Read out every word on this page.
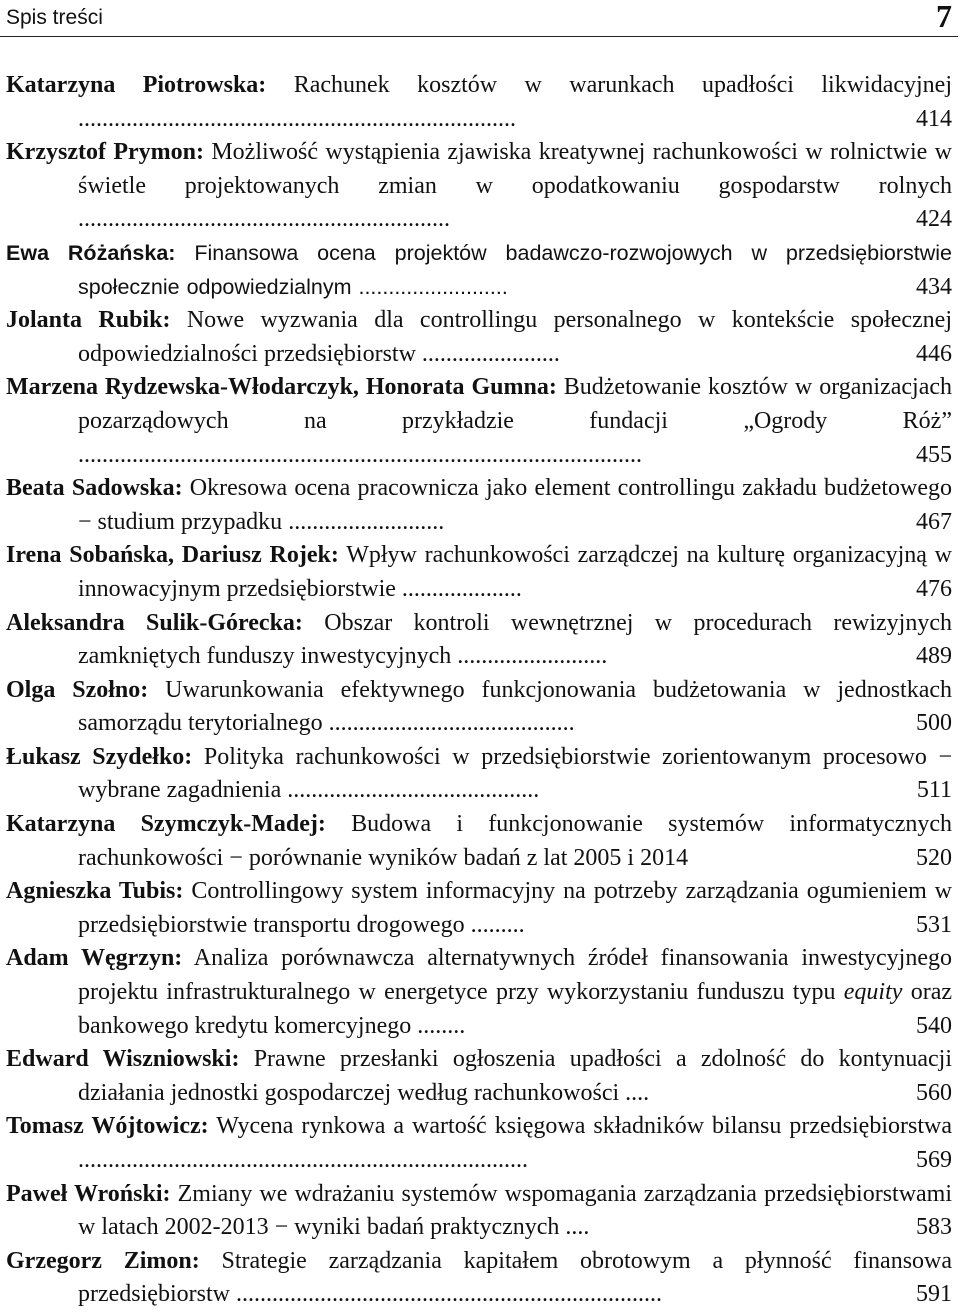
Spis treści	7
Katarzyna Piotrowska: Rachunek kosztów w warunkach upadłości likwidacyjnej .........................................................................	414
Krzysztof Prymon: Możliwość wystąpienia zjawiska kreatywnej rachunkowości w rolnictwie w świetle projektowanych zmian w opodatkowaniu gospodarstw rolnych ..............................................................	424
Ewa Różańska: Finansowa ocena projektów badawczo-rozwojowych w przedsiębiorstwie społecznie odpowiedzialnym .........................	434
Jolanta Rubik: Nowe wyzwania dla controllingu personalnego w kontekście społecznej odpowiedzialności przedsiębiorstw .......................	446
Marzena Rydzewska-Włodarczyk, Honorata Gumna: Budżetowanie kosztów w organizacjach pozarządowych na przykładzie fundacji „Ogrody Róż” ..............................................................................................	455
Beata Sadowska: Okresowa ocena pracownicza jako element controllingu zakładu budżetowego − studium przypadku ..........................	467
Irena Sobańska, Dariusz Rojek: Wpływ rachunkowości zarządczej na kulturę organizacyjną w innowacyjnym przedsiębiorstwie ....................	476
Aleksandra Sulik-Górecka: Obszar kontroli wewnętrznej w procedurach rewizyjnych zamkniętych funduszy inwestycyjnych .........................	489
Olga Szołno: Uwarunkowania efektywnego funkcjonowania budżetowania w jednostkach samorządu terytorialnego .........................................	500
Łukasz Szydełko: Polityka rachunkowości w przedsiębiorstwie zorientowanym procesowo − wybrane zagadnienia ..........................................	511
Katarzyna Szymczyk-Madej: Budowa i funkcjonowanie systemów informatycznych rachunkowości − porównanie wyników badań z lat 2005 i 2014	520
Agnieszka Tubis: Controllingowy system informacyjny na potrzeby zarządzania ogumieniem w przedsiębiorstwie transportu drogowego .........	531
Adam Węgrzyn: Analiza porównawcza alternatywnych źródeł finansowania inwestycyjnego projektu infrastrukturalnego w energetyce przy wykorzystaniu funduszu typu equity oraz bankowego kredytu komercyjnego ........	540
Edward Wiszniowski: Prawne przesłanki ogłoszenia upadłości a zdolność do kontynuacji działania jednostki gospodarczej według rachunkowości ....	560
Tomasz Wójtowicz: Wycena rynkowa a wartość księgowa składników bilansu przedsiębiorstwa ...........................................................................	569
Paweł Wroński: Zmiany we wdrażaniu systemów wspomagania zarządzania przedsiębiorstwami w latach 2002-2013 − wyniki badań praktycznych ....	583
Grzegorz Zimon: Strategie zarządzania kapitałem obrotowym a płynność finansowa przedsiębiorstw .......................................................................	591
